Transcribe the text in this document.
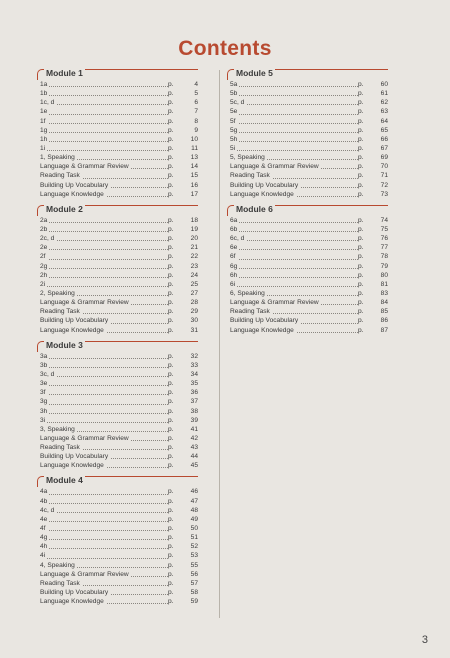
Contents
Module 1
1a	p.	4
1b	p.	5
1c, d	p.	6
1e	p.	7
1f	p.	8
1g	p.	9
1h	p.	10
1i	p.	11
1, Speaking	p.	13
Language & Grammar Review	p.	14
Reading Task	p.	15
Building Up Vocabulary	p.	16
Language Knowledge	p.	17
Module 2
2a	p.	18
2b	p.	19
2c, d	p.	20
2e	p.	21
2f	p.	22
2g	p.	23
2h	p.	24
2i	p.	25
2, Speaking	p.	27
Language & Grammar Review	p.	28
Reading Task	p.	29
Building Up Vocabulary	p.	30
Language Knowledge	p.	31
Module 3
3a	p.	32
3b	p.	33
3c, d	p.	34
3e	p.	35
3f	p.	36
3g	p.	37
3h	p.	38
3i	p.	39
3, Speaking	p.	41
Language & Grammar Review	p.	42
Reading Task	p.	43
Building Up Vocabulary	p.	44
Language Knowledge	p.	45
Module 4
4a	p.	46
4b	p.	47
4c, d	p.	48
4e	p.	49
4f	p.	50
4g	p.	51
4h	p.	52
4i	p.	53
4, Speaking	p.	55
Language & Grammar Review	p.	56
Reading Task	p.	57
Building Up Vocabulary	p.	58
Language Knowledge	p.	59
Module 5
5a	p.	60
5b	p.	61
5c, d	p.	62
5e	p.	63
5f	p.	64
5g	p.	65
5h	p.	66
5i	p.	67
5, Speaking	p.	69
Language & Grammar Review	p.	70
Reading Task	p.	71
Building Up Vocabulary	p.	72
Language Knowledge	p.	73
Module 6
6a	p.	74
6b	p.	75
6c, d	p.	76
6e	p.	77
6f	p.	78
6g	p.	79
6h	p.	80
6i	p.	81
6, Speaking	p.	83
Language & Grammar Review	p.	84
Reading Task	p.	85
Building Up Vocabulary	p.	86
Language Knowledge	p.	87
3
